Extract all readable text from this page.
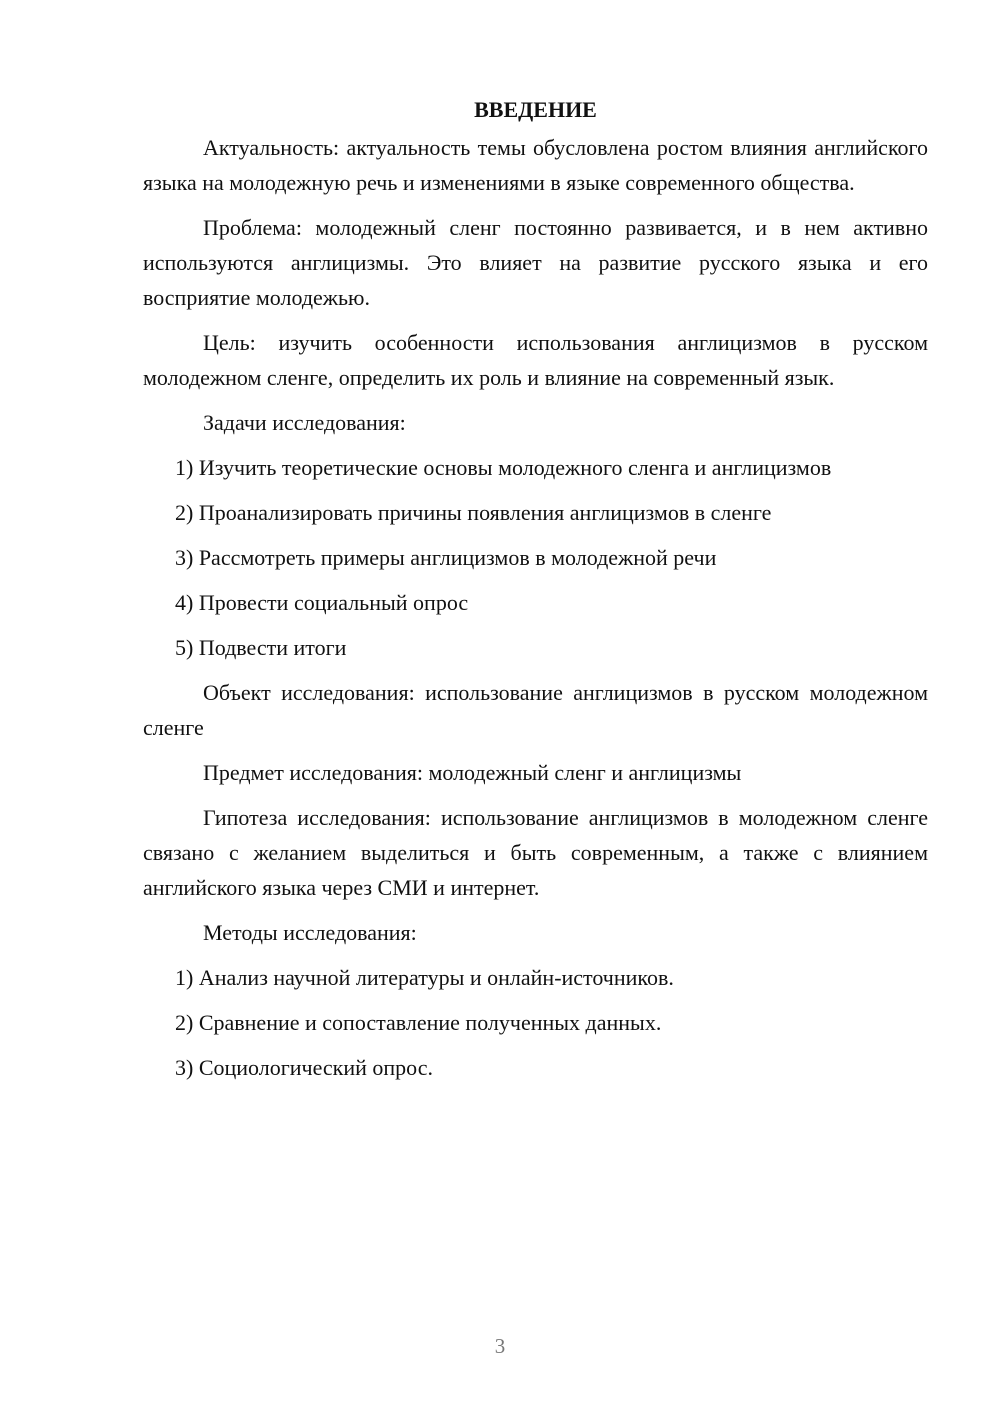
ВВЕДЕНИЕ

Актуальность: актуальность темы обусловлена ростом влияния английского языка на молодежную речь и изменениями в языке современного общества.

Проблема: молодежный сленг постоянно развивается, и в нем активно используются англицизмы. Это влияет на развитие русского языка и его восприятие молодежью.

Цель: изучить особенности использования англицизмов в русском молодежном сленге, определить их роль и влияние на современный язык.

Задачи исследования:

1) Изучить теоретические основы молодежного сленга и англицизмов
2) Проанализировать причины появления англицизмов в сленге
3) Рассмотреть примеры англицизмов в молодежной речи
4) Провести социальный опрос
5) Подвести итоги

Объект исследования: использование англицизмов в русском молодежном сленге

Предмет исследования: молодежный сленг и англицизмы

Гипотеза исследования: использование англицизмов в молодежном сленге связано с желанием выделиться и быть современным, а также с влиянием английского языка через СМИ и интернет.

Методы исследования:

1) Анализ научной литературы и онлайн-источников.
2) Сравнение и сопоставление полученных данных.
3) Социологический опрос.
3
